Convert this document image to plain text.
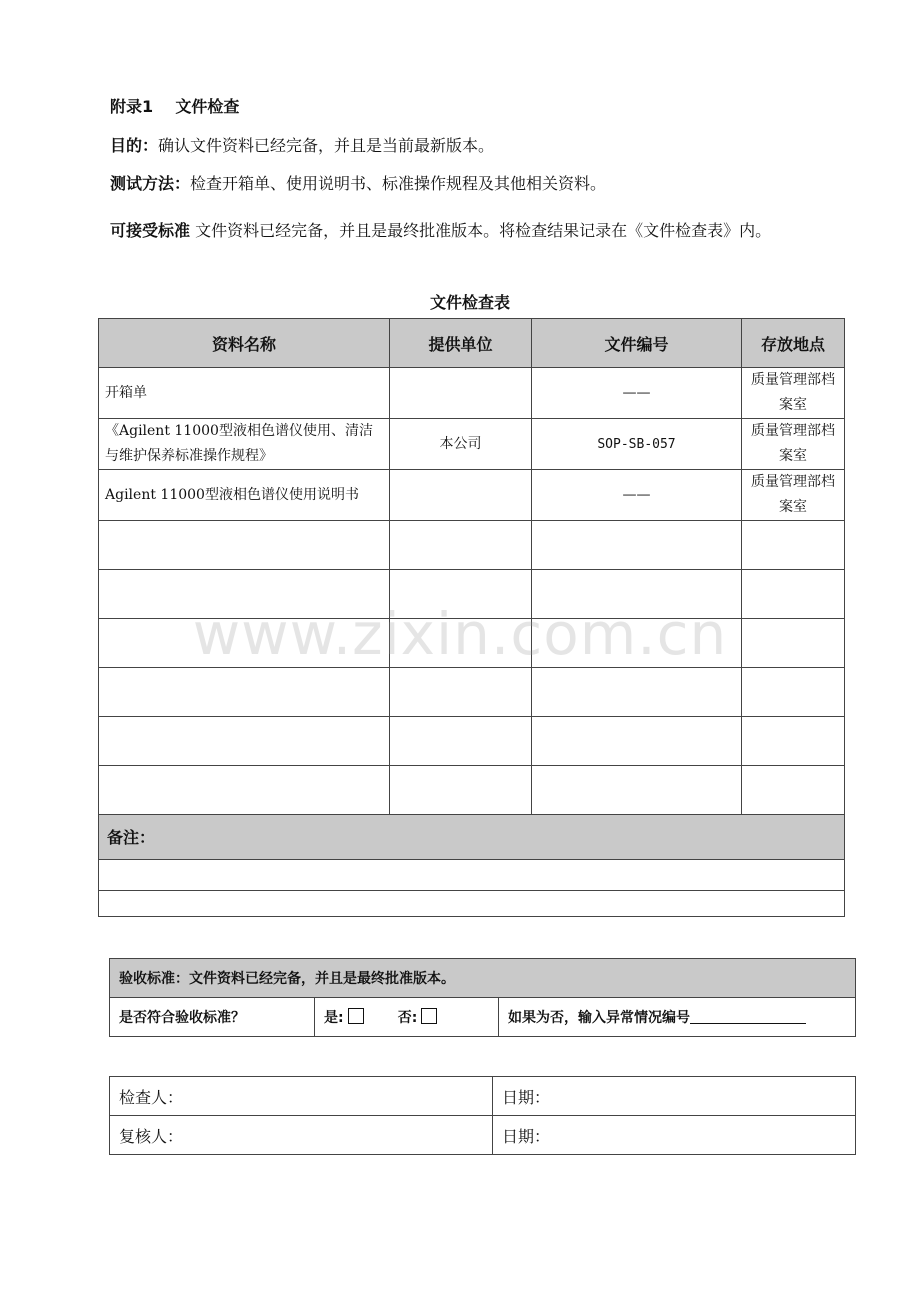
附录1 文件检查
目的：确认文件资料已经完备，并且是当前最新版本。
测试方法：检查开箱单、使用说明书、标准操作规程及其他相关资料。
可接受标准 文件资料已经完备，并且是最终批准版本。将检查结果记录在《文件检查表》内。
文件检查表
资料名称	提供单位	文件编号	存放地点
开箱单		——	质量管理部档案室
《Agilent 11000型液相色谱仪使用、清洁与维护保养标准操作规程》	本公司	SOP-SB-057	质量管理部档案室
Agilent 11000型液相色谱仪使用说明书		——	质量管理部档案室

备注：			

验收标准：文件资料已经完备，并且是最终批准版本。
是否符合验收标准？	是:	否:	如果为否，输入异常情况编号
检查人：	日期：
复核人：	日期：
www.zixin.com.cn
